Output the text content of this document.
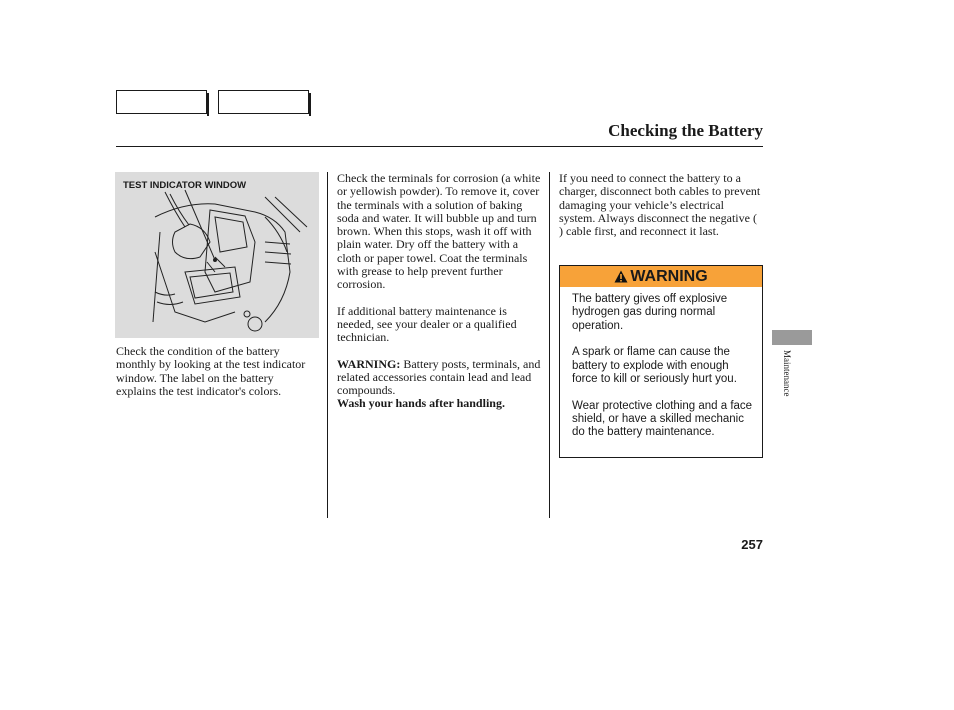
Checking the Battery
TEST INDICATOR WINDOW

Check the condition of the battery monthly by looking at the test indicator window. The label on the battery explains the test indicator's colors.

Check the terminals for corrosion (a white or yellowish powder). To remove it, cover the terminals with a solution of baking soda and water. It will bubble up and turn brown. When this stops, wash it off with plain water. Dry off the battery with a cloth or paper towel. Coat the terminals with grease to help prevent further corrosion.

If additional battery maintenance is needed, see your dealer or a qualified technician.

WARNING: Battery posts, terminals, and related accessories contain lead and lead compounds.
Wash your hands after handling.

If you need to connect the battery to a charger, disconnect both cables to prevent damaging your vehicle’s electrical system. Always disconnect the negative ( ) cable first, and reconnect it last.

WARNING

The battery gives off explosive hydrogen gas during normal operation.

A spark or flame can cause the battery to explode with enough force to kill or seriously hurt you.

Wear protective clothing and a face shield, or have a skilled mechanic do the battery maintenance.

Maintenance
257
